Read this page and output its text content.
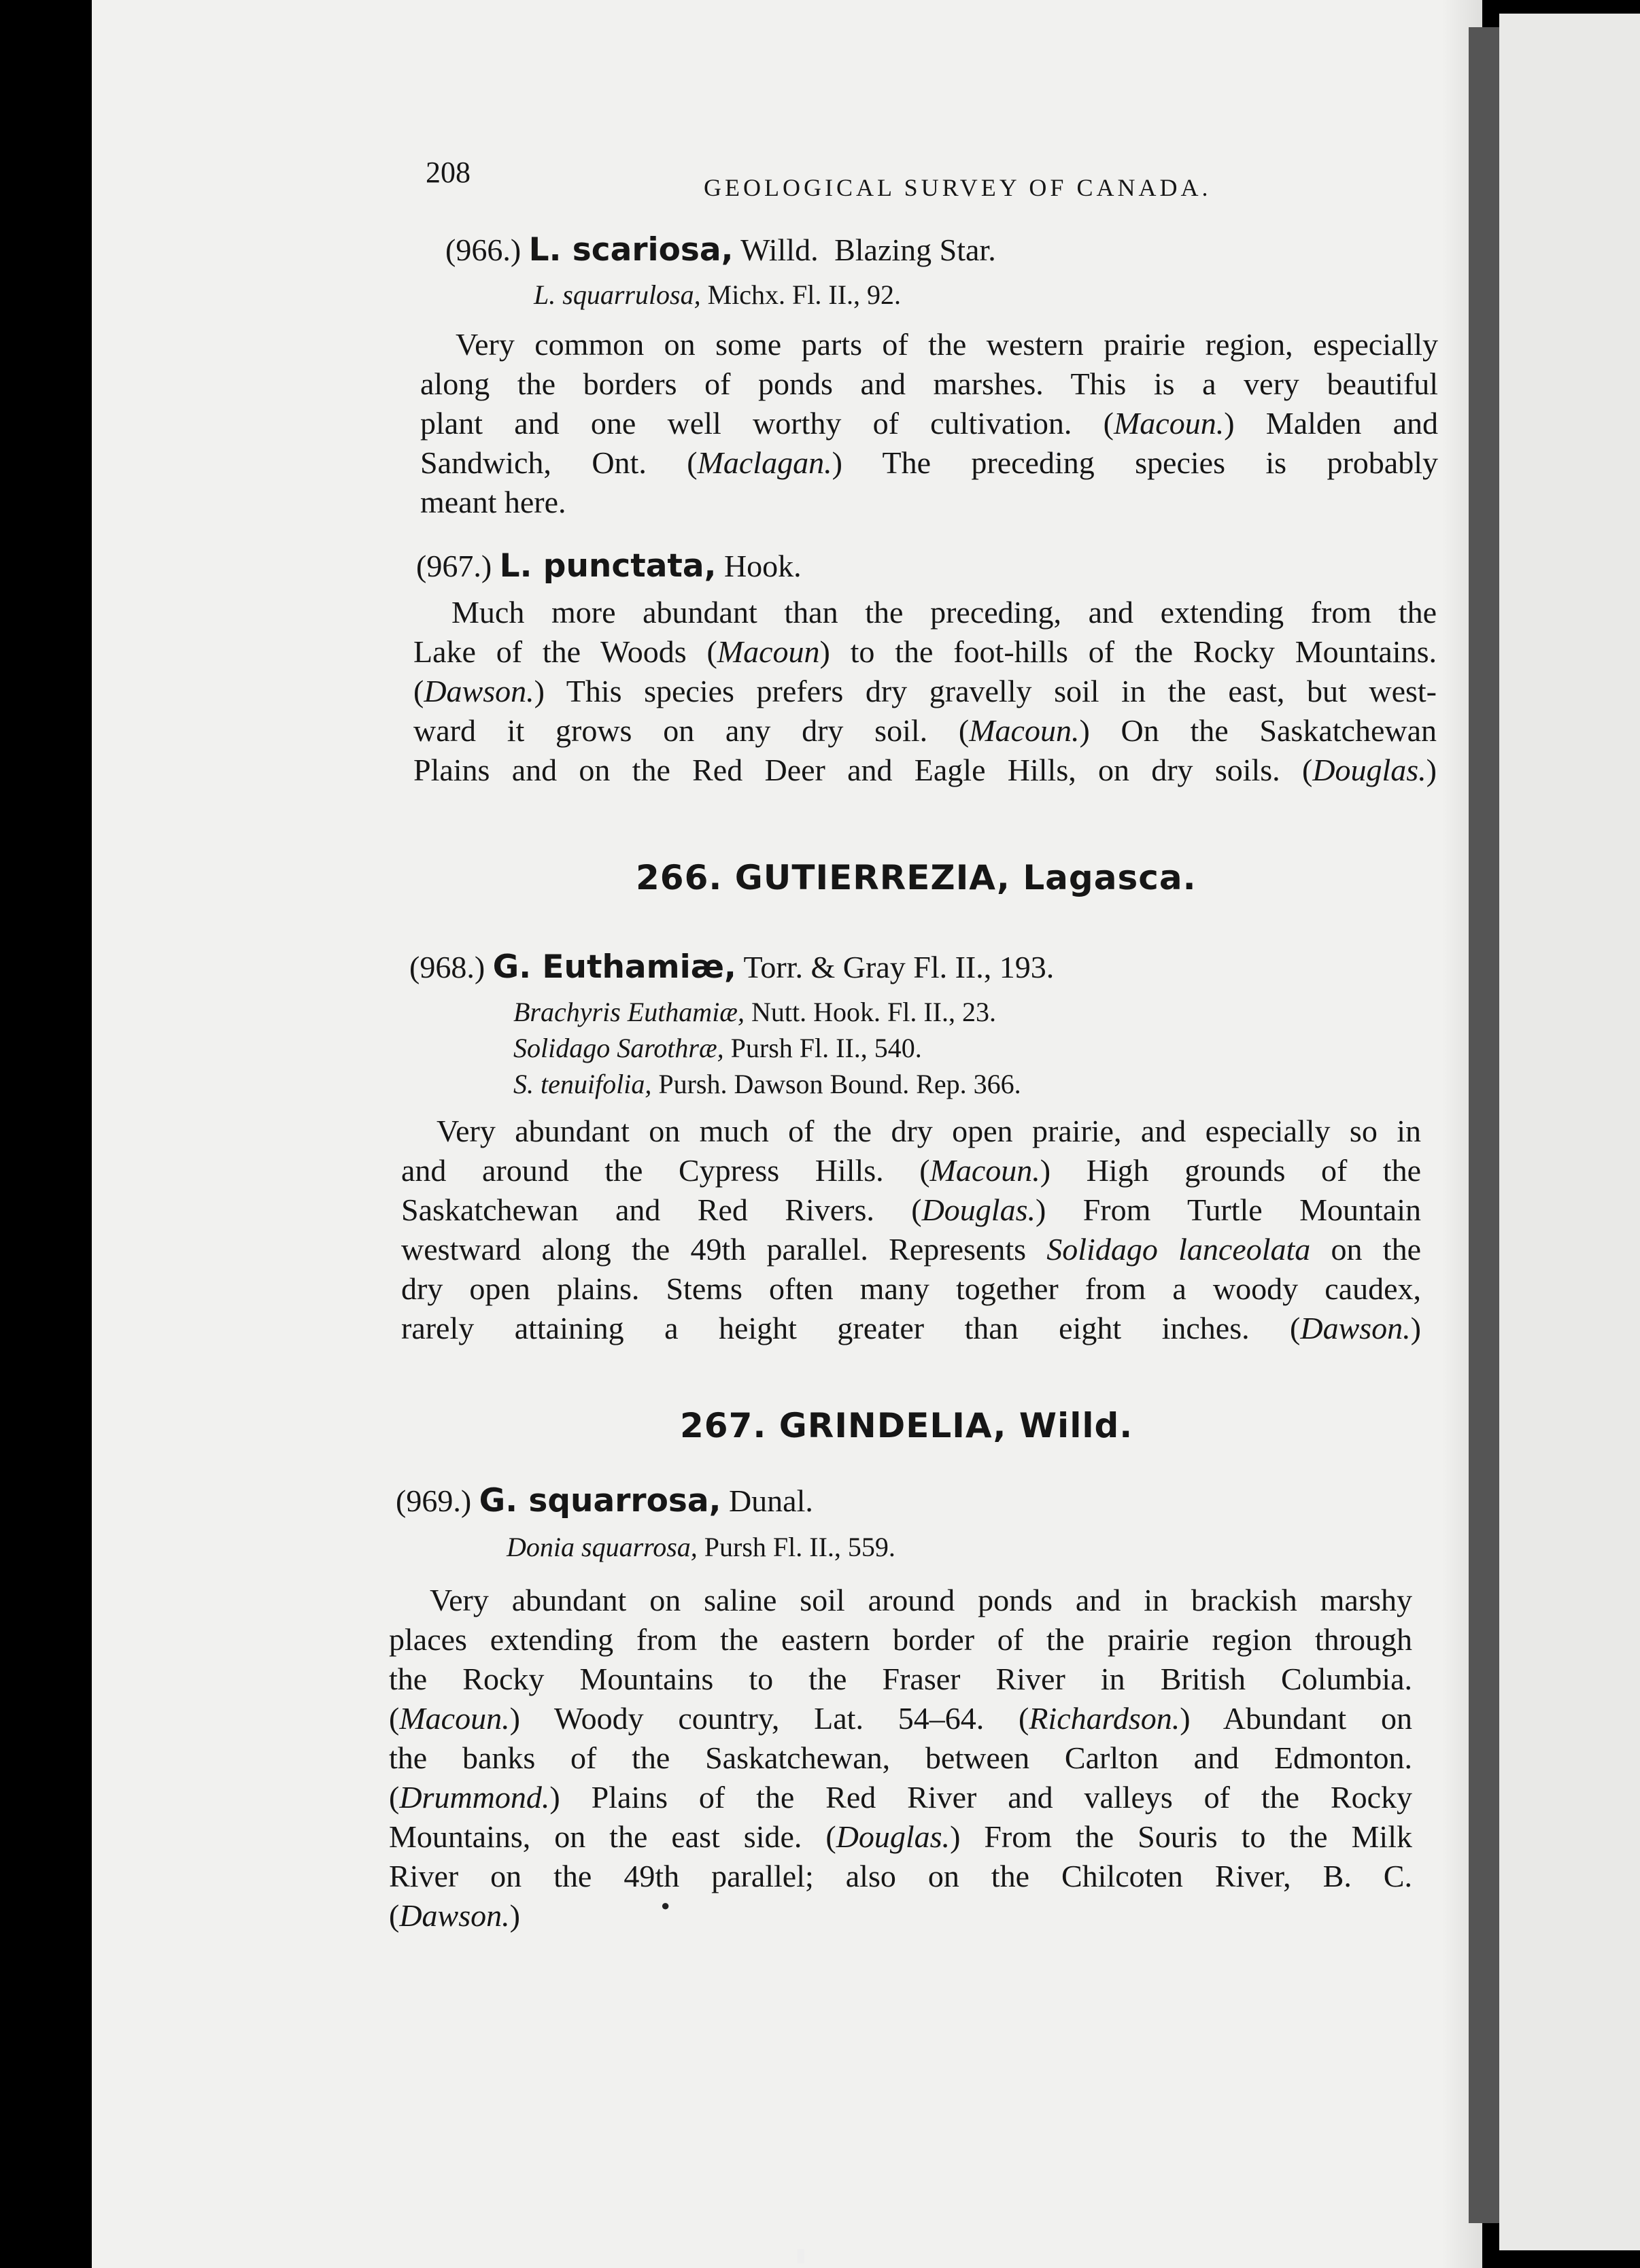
208	GEOLOGICAL SURVEY OF CANADA.
(966.) L. scariosa, Willd. Blazing Star.
L. squarrulosa, Michx. Fl. II., 92.
Very common on some parts of the western prairie region, especially
along the borders of ponds and marshes. This is a very beautiful
plant and one well worthy of cultivation. (Macoun.) Malden and
Sandwich, Ont. (Maclagan.) The preceding species is probably
meant here.
(967.) L. punctata, Hook.
Much more abundant than the preceding, and extending from the
Lake of the Woods (Macoun) to the foot-hills of the Rocky Mountains.
(Dawson.) This species prefers dry gravelly soil in the east, but west-
ward it grows on any dry soil. (Macoun.) On the Saskatchewan
Plains and on the Red Deer and Eagle Hills, on dry soils. (Douglas.)
266. GUTIERREZIA, Lagasca.
(968.) G. Euthamiæ, Torr. & Gray Fl. II., 193.
Brachyris Euthamiæ, Nutt. Hook. Fl. II., 23.
Solidago Sarothræ, Pursh Fl. II., 540.
S. tenuifolia, Pursh. Dawson Bound. Rep. 366.
Very abundant on much of the dry open prairie, and especially so in
and around the Cypress Hills. (Macoun.) High grounds of the
Saskatchewan and Red Rivers. (Douglas.) From Turtle Mountain
westward along the 49th parallel. Represents Solidago lanceolata on the
dry open plains. Stems often many together from a woody caudex,
rarely attaining a height greater than eight inches. (Dawson.)
267. GRINDELIA, Willd.
(969.) G. squarrosa, Dunal.
Donia squarrosa, Pursh Fl. II., 559.
Very abundant on saline soil around ponds and in brackish marshy
places extending from the eastern border of the prairie region through
the Rocky Mountains to the Fraser River in British Columbia.
(Macoun.) Woody country, Lat. 54–64. (Richardson.) Abundant on
the banks of the Saskatchewan, between Carlton and Edmonton.
(Drummond.) Plains of the Red River and valleys of the Rocky
Mountains, on the east side. (Douglas.) From the Souris to the Milk
River on the 49th parallel; also on the Chilcoten River, B. C.
(Dawson.)	●
▮
